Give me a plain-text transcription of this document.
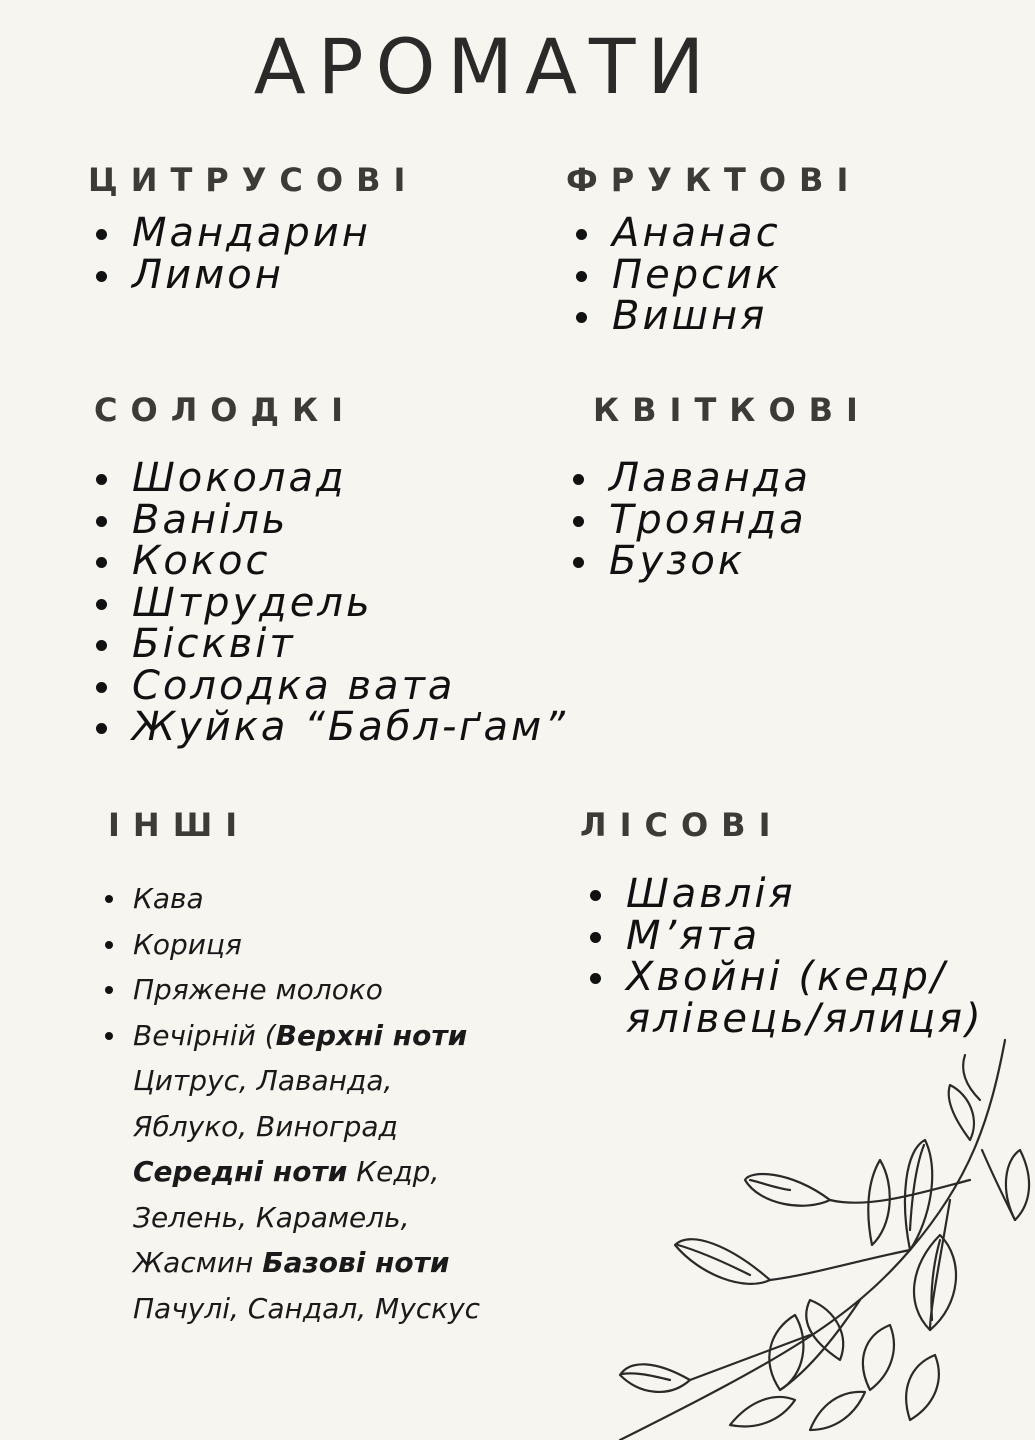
АРОМАТИ
ЦИТРУСОВІ
Мандарин
Лимон
ФРУКТОВІ
Ананас
Персик
Вишня
СОЛОДКІ
Шоколад
Ваніль
Кокос
Штрудель
Бісквіт
Солодка вата
Жуйка “Бабл-ґам”
КВІТКОВІ
Лаванда
Троянда
Бузок
ІНШІ
Кава
Кориця
Пряжене молоко
Вечірній (Верхні ноти
Цитрус, Лаванда,
Яблуко, Виноград
Середні ноти Кедр,
Зелень, Карамель,
Жасмин Базові ноти
Пачулі, Сандал, Мускус
ЛІСОВІ
Шавлія
М’ята
Хвойні (кедр/
ялівець/ялиця)
